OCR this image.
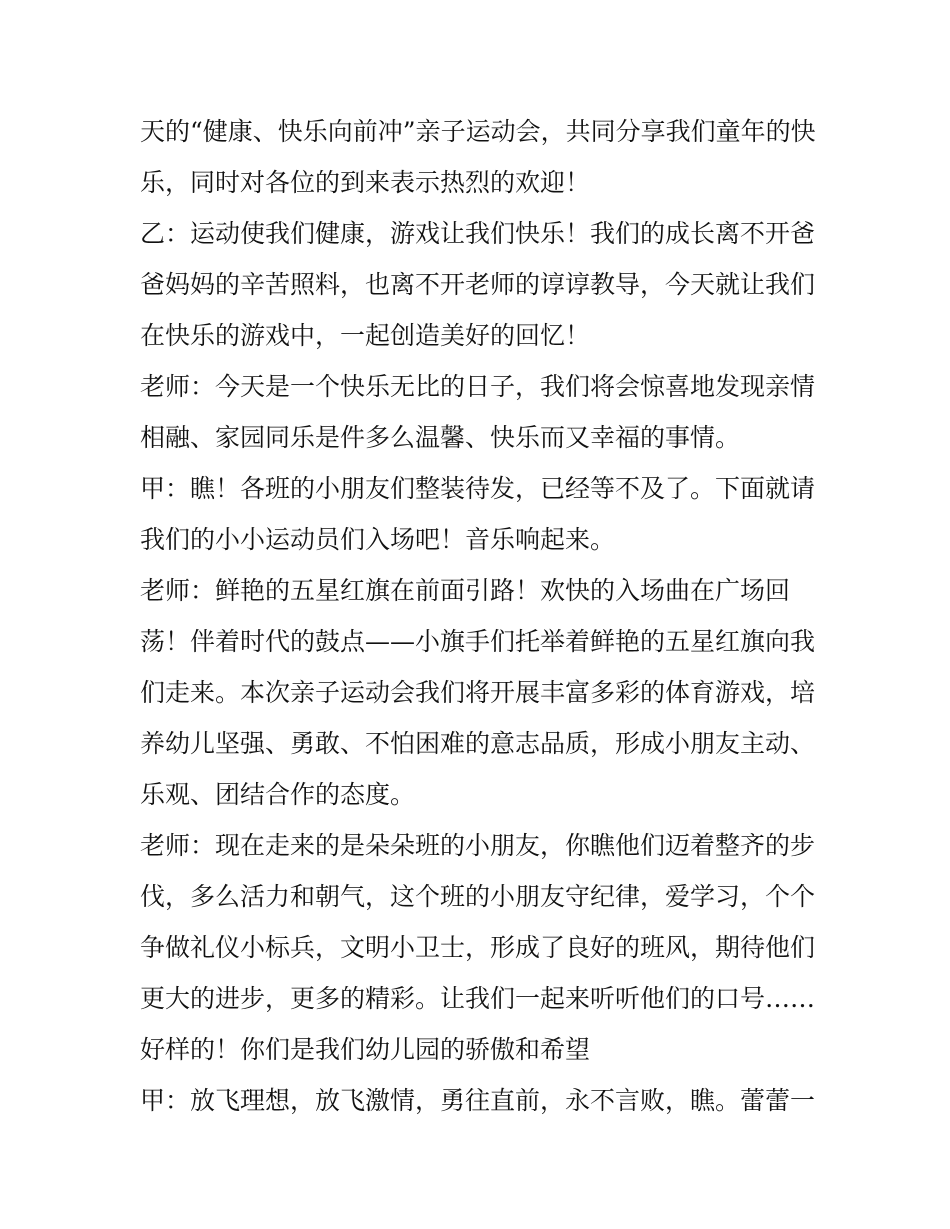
天的“健康、快乐向前冲”亲子运动会，共同分享我们童年的快
乐，同时对各位的到来表示热烈的欢迎！
乙：运动使我们健康，游戏让我们快乐！我们的成长离不开爸
爸妈妈的辛苦照料，也离不开老师的谆谆教导，今天就让我们
在快乐的游戏中，一起创造美好的回忆！
老师：今天是一个快乐无比的日子，我们将会惊喜地发现亲情
相融、家园同乐是件多么温馨、快乐而又幸福的事情。
甲：瞧！各班的小朋友们整装待发，已经等不及了。下面就请
我们的小小运动员们入场吧！音乐响起来。
老师：鲜艳的五星红旗在前面引路！欢快的入场曲在广场回
荡！伴着时代的鼓点——小旗手们托举着鲜艳的五星红旗向我
们走来。本次亲子运动会我们将开展丰富多彩的体育游戏，培
养幼儿坚强、勇敢、不怕困难的意志品质，形成小朋友主动、
乐观、团结合作的态度。
老师：现在走来的是朵朵班的小朋友，你瞧他们迈着整齐的步
伐，多么活力和朝气，这个班的小朋友守纪律，爱学习，个个
争做礼仪小标兵，文明小卫士，形成了良好的班风，期待他们
更大的进步，更多的精彩。让我们一起来听听他们的口号……
好样的！你们是我们幼儿园的骄傲和希望
甲：放飞理想，放飞激情，勇往直前，永不言败，瞧。蕾蕾一
